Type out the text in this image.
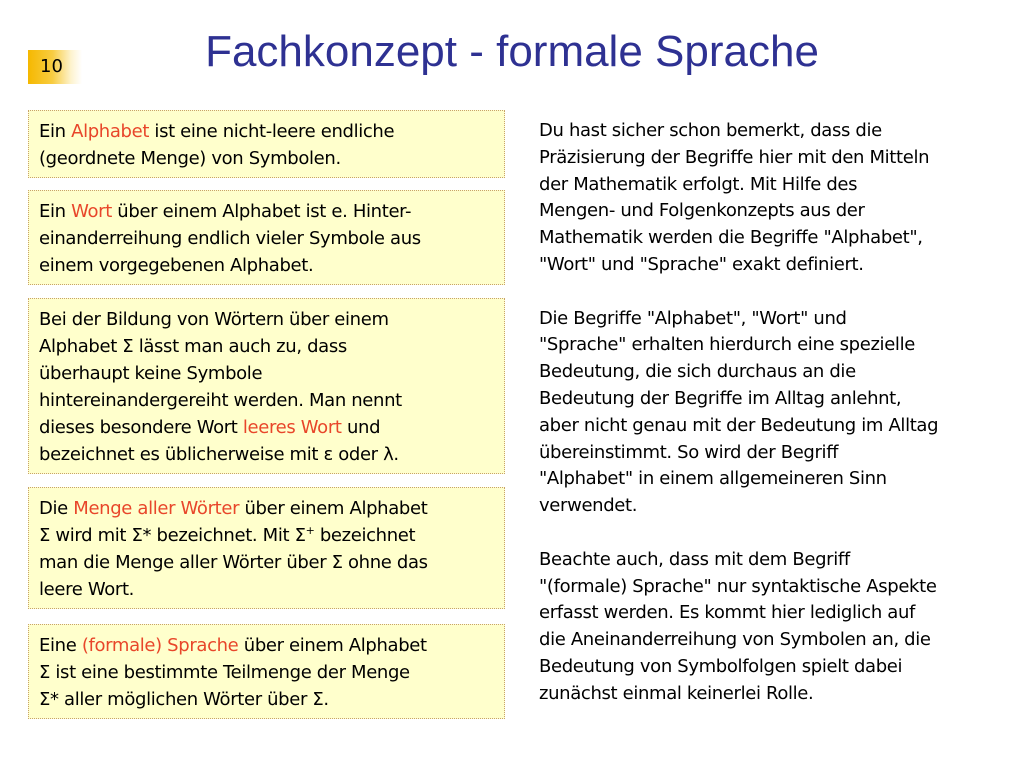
10	Fachkonzept - formale Sprache
Ein Alphabet ist eine nicht-leere endliche
(geordnete Menge) von Symbolen.
Ein Wort über einem Alphabet ist e. Hinter-
einanderreihung endlich vieler Symbole aus
einem vorgegebenen Alphabet.
Bei der Bildung von Wörtern über einem
Alphabet Σ lässt man auch zu, dass
überhaupt keine Symbole
hintereinandergereiht werden. Man nennt
dieses besondere Wort leeres Wort und
bezeichnet es üblicherweise mit ε oder λ.
Die Menge aller Wörter über einem Alphabet
Σ wird mit Σ* bezeichnet. Mit Σ+ bezeichnet
man die Menge aller Wörter über Σ ohne das
leere Wort.
Eine (formale) Sprache über einem Alphabet
Σ ist eine bestimmte Teilmenge der Menge
Σ* aller möglichen Wörter über Σ.

Du hast sicher schon bemerkt, dass die
Präzisierung der Begriffe hier mit den Mitteln
der Mathematik erfolgt. Mit Hilfe des
Mengen- und Folgenkonzepts aus der
Mathematik werden die Begriffe "Alphabet",
"Wort" und "Sprache" exakt definiert.

Die Begriffe "Alphabet", "Wort" und
"Sprache" erhalten hierdurch eine spezielle
Bedeutung, die sich durchaus an die
Bedeutung der Begriffe im Alltag anlehnt,
aber nicht genau mit der Bedeutung im Alltag
übereinstimmt. So wird der Begriff
"Alphabet" in einem allgemeineren Sinn
verwendet.

Beachte auch, dass mit dem Begriff
"(formale) Sprache" nur syntaktische Aspekte
erfasst werden. Es kommt hier lediglich auf
die Aneinanderreihung von Symbolen an, die
Bedeutung von Symbolfolgen spielt dabei
zunächst einmal keinerlei Rolle.
